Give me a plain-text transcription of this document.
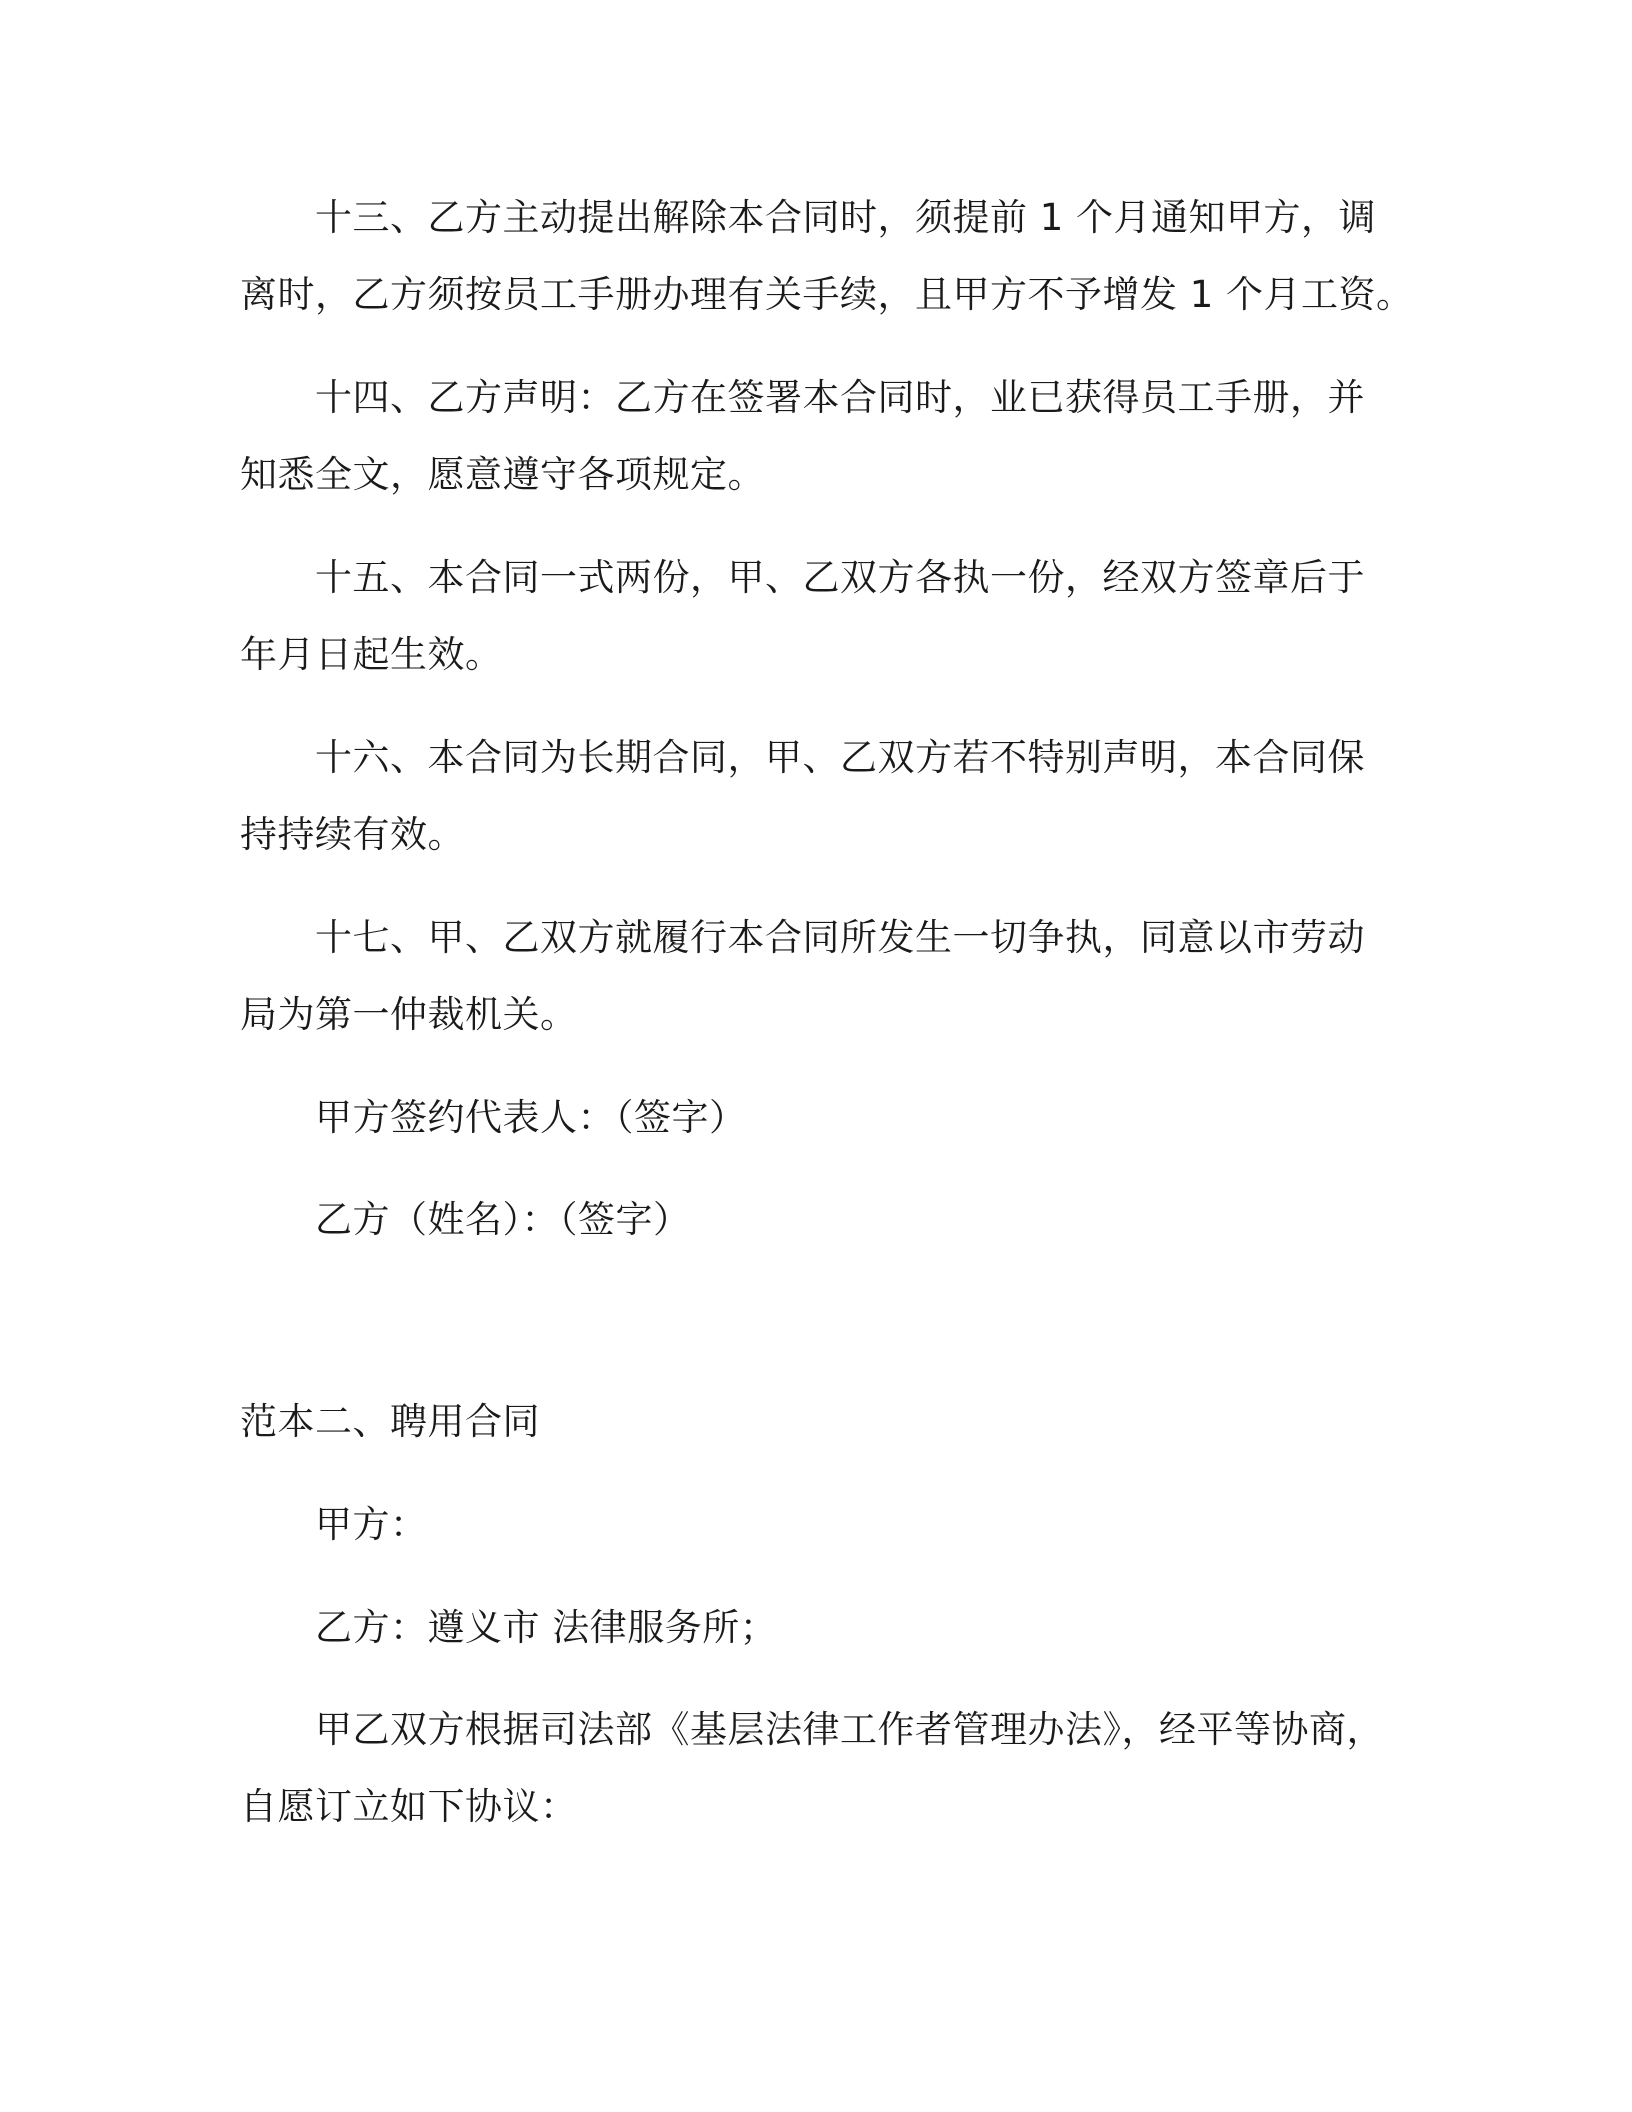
十三、乙方主动提出解除本合同时，须提前 1 个月通知甲方，调
离时，乙方须按员工手册办理有关手续，且甲方不予增发 1 个月工资。
十四、乙方声明：乙方在签署本合同时，业已获得员工手册，并
知悉全文，愿意遵守各项规定。
十五、本合同一式两份，甲、乙双方各执一份，经双方签章后于
年月日起生效。
十六、本合同为长期合同，甲、乙双方若不特别声明，本合同保
持持续有效。
十七、甲、乙双方就履行本合同所发生一切争执，同意以市劳动
局为第一仲裁机关。
甲方签约代表人：（签字）
乙方（姓名）：（签字）
范本二、聘用合同
甲方：
乙方：遵义市 法律服务所；
甲乙双方根据司法部《基层法律工作者管理办法》，经平等协商，
自愿订立如下协议：
